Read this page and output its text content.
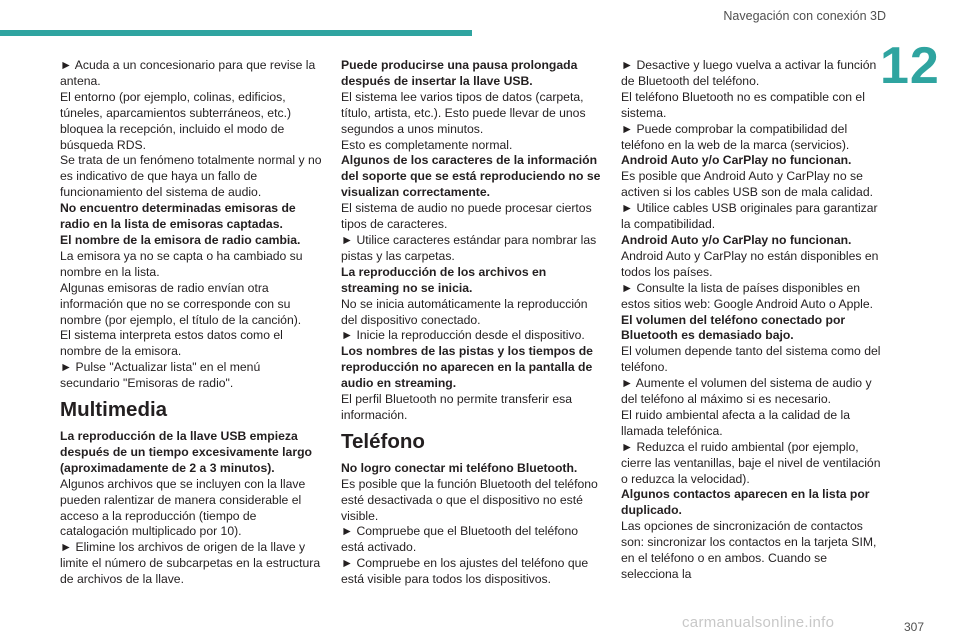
Navegación con conexión 3D
12

► Acuda a un concesionario para que revise la antena.

El entorno (por ejemplo, colinas, edificios, túneles, aparcamientos subterráneos, etc.) bloquea la recepción, incluido el modo de búsqueda RDS.

Se trata de un fenómeno totalmente normal y no es indicativo de que haya un fallo de funcionamiento del sistema de audio.

No encuentro determinadas emisoras de radio en la lista de emisoras captadas.

El nombre de la emisora de radio cambia.

La emisora ya no se capta o ha cambiado su nombre en la lista.

Algunas emisoras de radio envían otra información que no se corresponde con su nombre (por ejemplo, el título de la canción).

El sistema interpreta estos datos como el nombre de la emisora.

► Pulse "Actualizar lista" en el menú secundario "Emisoras de radio".

Multimedia

La reproducción de la llave USB empieza después de un tiempo excesivamente largo (aproximadamente de 2 a 3 minutos).

Algunos archivos que se incluyen con la llave pueden ralentizar de manera considerable el acceso a la reproducción (tiempo de catalogación multiplicado por 10).

► Elimine los archivos de origen de la llave y limite el número de subcarpetas en la estructura de archivos de la llave.

Puede producirse una pausa prolongada después de insertar la llave USB.

El sistema lee varios tipos de datos (carpeta, título, artista, etc.). Esto puede llevar de unos segundos a unos minutos.

Esto es completamente normal.

Algunos de los caracteres de la información del soporte que se está reproduciendo no se visualizan correctamente.

El sistema de audio no puede procesar ciertos tipos de caracteres.

► Utilice caracteres estándar para nombrar las pistas y las carpetas.

La reproducción de los archivos en streaming no se inicia.

No se inicia automáticamente la reproducción del dispositivo conectado.

► Inicie la reproducción desde el dispositivo.

Los nombres de las pistas y los tiempos de reproducción no aparecen en la pantalla de audio en streaming.

El perfil Bluetooth no permite transferir esa información.

Teléfono

No logro conectar mi teléfono Bluetooth.

Es posible que la función Bluetooth del teléfono esté desactivada o que el dispositivo no esté visible.

► Compruebe que el Bluetooth del teléfono está activado.

► Compruebe en los ajustes del teléfono que está visible para todos los dispositivos.

► Desactive y luego vuelva a activar la función de Bluetooth del teléfono.

El teléfono Bluetooth no es compatible con el sistema.

► Puede comprobar la compatibilidad del teléfono en la web de la marca (servicios).

Android Auto y/o CarPlay no funcionan.

Es posible que Android Auto y CarPlay no se activen si los cables USB son de mala calidad.

► Utilice cables USB originales para garantizar la compatibilidad.

Android Auto y/o CarPlay no funcionan.

Android Auto y CarPlay no están disponibles en todos los países.

► Consulte la lista de países disponibles en estos sitios web: Google Android Auto o Apple.

El volumen del teléfono conectado por Bluetooth es demasiado bajo.

El volumen depende tanto del sistema como del teléfono.

► Aumente el volumen del sistema de audio y del teléfono al máximo si es necesario.

El ruido ambiental afecta a la calidad de la llamada telefónica.

► Reduzca el ruido ambiental (por ejemplo, cierre las ventanillas, baje el nivel de ventilación o reduzca la velocidad).

Algunos contactos aparecen en la lista por duplicado.

Las opciones de sincronización de contactos son: sincronizar los contactos en la tarjeta SIM, en el teléfono o en ambos. Cuando se selecciona la

307
carmanualsonline.info
